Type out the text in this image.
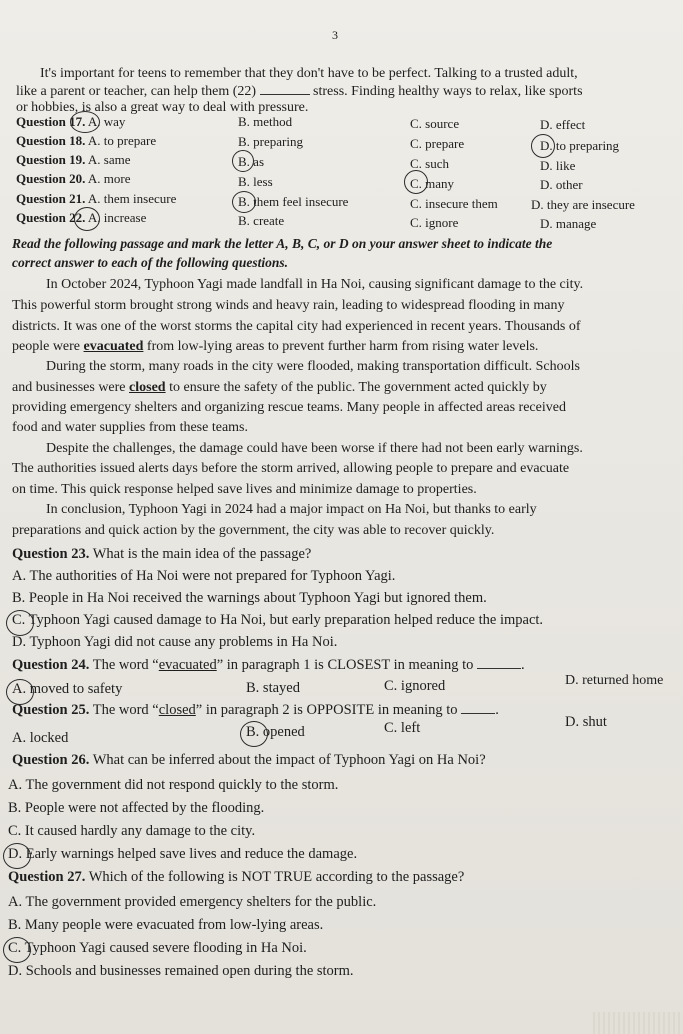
3
It's important for teens to remember that they don't have to be perfect. Talking to a trusted adult,
like a parent or teacher, can help them (22)	stress. Finding healthy ways to relax, like sports
or hobbies, is also a great way to deal with pressure.
Question 17. A. way	B. method	C. source	D. effect
Question 18. A. to prepare	B. preparing	C. prepare	D. to preparing
Question 19. A. same	B. as	C. such	D. like
Question 20. A. more	B. less	C. many	D. other
Question 21. A. them insecure	B. them feel insecure	C. insecure them	D. they are insecure
Question 22. A. increase	B. create	C. ignore	D. manage
Read the following passage and mark the letter A, B, C, or D on your answer sheet to indicate the
correct answer to each of the following questions.
In October 2024, Typhoon Yagi made landfall in Ha Noi, causing significant damage to the city.
This powerful storm brought strong winds and heavy rain, leading to widespread flooding in many
districts. It was one of the worst storms the capital city had experienced in recent years. Thousands of
people were evacuated from low-lying areas to prevent further harm from rising water levels.
During the storm, many roads in the city were flooded, making transportation difficult. Schools
and businesses were closed to ensure the safety of the public. The government acted quickly by
providing emergency shelters and organizing rescue teams. Many people in affected areas received
food and water supplies from these teams.
Despite the challenges, the damage could have been worse if there had not been early warnings.
The authorities issued alerts days before the storm arrived, allowing people to prepare and evacuate
on time. This quick response helped save lives and minimize damage to properties.
In conclusion, Typhoon Yagi in 2024 had a major impact on Ha Noi, but thanks to early
preparations and quick action by the government, the city was able to recover quickly.
Question 23. What is the main idea of the passage?
A. The authorities of Ha Noi were not prepared for Typhoon Yagi.
B. People in Ha Noi received the warnings about Typhoon Yagi but ignored them.
C. Typhoon Yagi caused damage to Ha Noi, but early preparation helped reduce the impact.
D. Typhoon Yagi did not cause any problems in Ha Noi.
Question 24. The word “evacuated” in paragraph 1 is CLOSEST in meaning to	.
A. moved to safety	B. stayed	C. ignored	D. returned home
Question 25. The word “closed” in paragraph 2 is OPPOSITE in meaning to	.
A. locked	B. opened	C. left	D. shut
Question 26. What can be inferred about the impact of Typhoon Yagi on Ha Noi?
A. The government did not respond quickly to the storm.
B. People were not affected by the flooding.
C. It caused hardly any damage to the city.
D. Early warnings helped save lives and reduce the damage.
Question 27. Which of the following is NOT TRUE according to the passage?
A. The government provided emergency shelters for the public.
B. Many people were evacuated from low-lying areas.
C. Typhoon Yagi caused severe flooding in Ha Noi.
D. Schools and businesses remained open during the storm.
